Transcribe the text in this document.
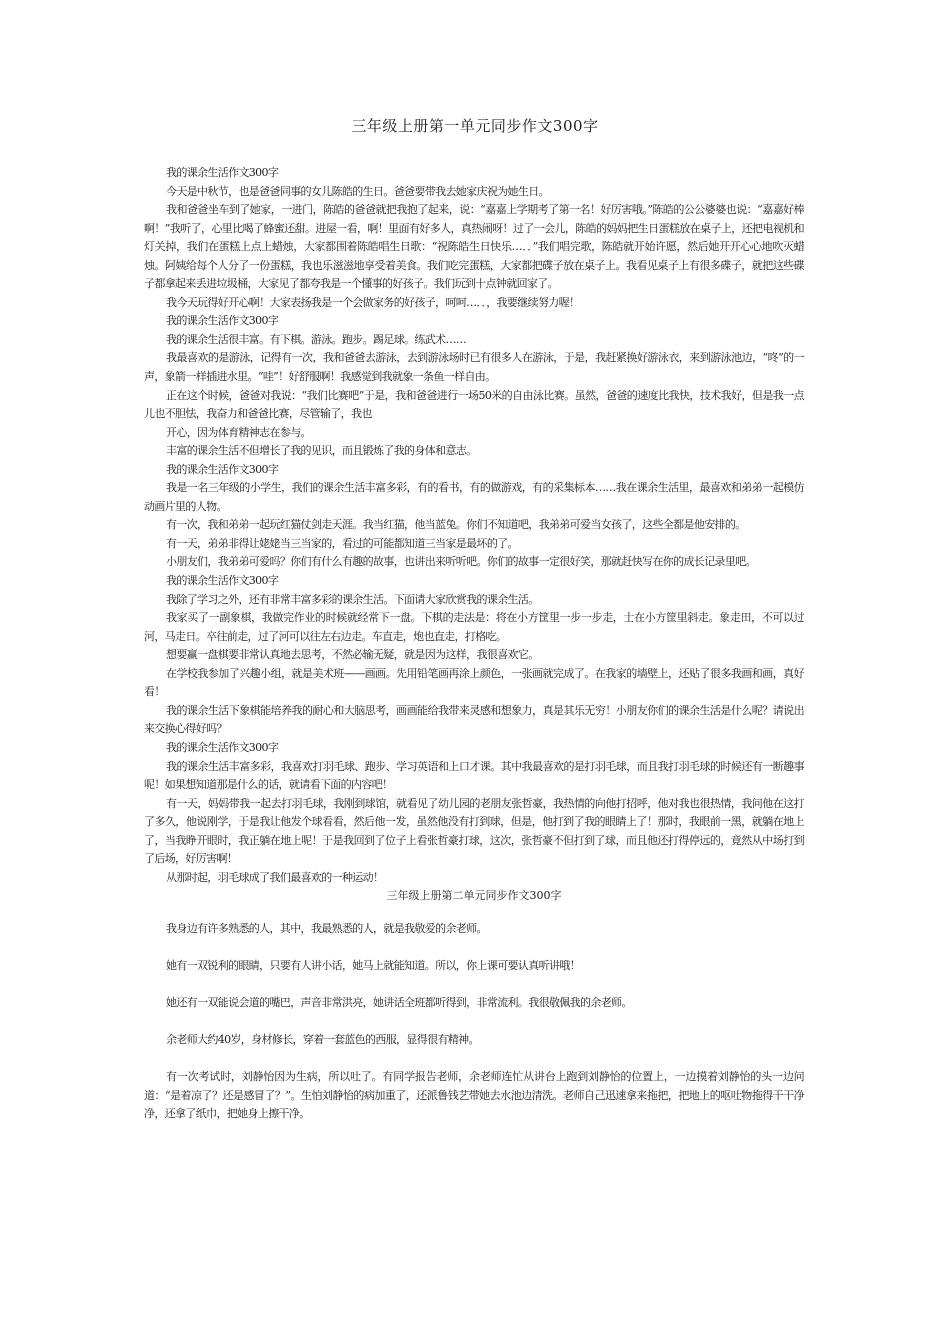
三年级上册第一单元同步作文300字

我的课余生活作文300字

今天是中秋节，也是爸爸同事的女儿陈皓的生日。爸爸要带我去她家庆祝为她生日。

我和爸爸坐车到了她家，一进门，陈皓的爸爸就把我抱了起来，说：“嘉嘉上学期考了第一名！好厉害哦。”陈皓的公公婆婆也说：“嘉嘉好棒啊！”我听了，心里比喝了蜂蜜还甜。进屋一看，啊！里面有好多人，真热闹呀！过了一会儿，陈皓的妈妈把生日蛋糕放在桌子上，还把电视机和灯关掉，我们在蛋糕上点上蜡烛，大家都围着陈皓唱生日歌：“祝陈皓生日快乐…．．”我们唱完歌，陈皓就开始许愿，然后她开开心心地吹灭蜡烛。阿姨给每个人分了一份蛋糕，我也乐滋滋地享受着美食。我们吃完蛋糕，大家都把碟子放在桌子上。我看见桌子上有很多碟子，就把这些碟子都拿起来丢进垃圾桶，大家见了都夸我是一个懂事的好孩子。我们玩到十点钟就回家了。

我今天玩得好开心啊！大家表扬我是一个会做家务的好孩子，呵呵…．．，我要继续努力喔！

我的课余生活作文300字

我的课余生活很丰富。有下棋。游泳。跑步。踢足球。练武术……

我最喜欢的是游泳，记得有一次，我和爸爸去游泳，去到游泳场时已有很多人在游泳，于是，我赶紧换好游泳衣，来到游泳池边，“咚”的一声，象箭一样插进水里。“哇”！好舒服啊！我感觉到我就象一条鱼一样自由。

正在这个时候，爸爸对我说：“我们比赛吧”于是，我和爸爸进行一场50米的自由泳比赛。虽然，爸爸的速度比我快，技术我好，但是我一点儿也不胆怯，我奋力和爸爸比赛，尽管输了，我也

开心，因为体育精神志在参与。

丰富的课余生活不但增长了我的见识，而且锻炼了我的身体和意志。

我的课余生活作文300字

我是一名三年级的小学生，我们的课余生活丰富多彩，有的看书，有的做游戏，有的采集标本……我在课余生活里，最喜欢和弟弟一起模仿动画片里的人物。

有一次，我和弟弟一起玩红猫仗剑走天涯。我当红猫，他当蓝兔。你们不知道吧，我弟弟可爱当女孩了，这些全都是他安排的。

有一天，弟弟非得让姥姥当三当家的，看过的可能都知道三当家是最坏的了。

小朋友们，我弟弟可爱吗？你们有什么有趣的故事，也讲出来听听吧。你们的故事一定很好笑，那就赶快写在你的成长记录里吧。

我的课余生活作文300字

我除了学习之外，还有非常丰富多彩的课余生活。下面请大家欣赏我的课余生活。

我家买了一副象棋，我做完作业的时候就经常下一盘。下棋的走法是：将在小方筐里一步一步走，士在小方筐里斜走。象走田，不可以过河，马走日。卒往前走，过了河可以往左右边走。车直走，炮也直走，打格吃。

想要赢一盘棋要非常认真地去思考，不然必输无疑，就是因为这样，我很喜欢它。

在学校我参加了兴趣小组，就是美术班——画画。先用铅笔画再涂上颜色，一张画就完成了。在我家的墙壁上，还贴了很多我画和画，真好看！

我的课余生活下象棋能培养我的耐心和大脑思考，画画能给我带来灵感和想象力，真是其乐无穷！小朋友你们的课余生活是什么呢？请说出来交换心得好吗？

我的课余生活作文300字

我的课余生活丰富多彩，我喜欢打羽毛球、跑步、学习英语和上口才课。其中我最喜欢的是打羽毛球，而且我打羽毛球的时候还有一断趣事呢！如果想知道那是什么的话，就请看下面的内容吧！

有一天，妈妈带我一起去打羽毛球，我刚到球馆，就看见了幼儿园的老朋友张哲豪，我热情的向他打招呼，他对我也很热情，我问他在这打了多久，他说刚学，于是我让他发个球看看，然后他一发，虽然他没有打到球，但是，他打到了我的眼睛上了！那时，我眼前一黑，就躺在地上了，当我睁开眼时，我正躺在地上呢！于是我回到了位子上看张哲豪打球，这次，张哲豪不但打到了球，而且他还打得停远的，竟然从中场打到了后场，好厉害啊！

从那时起，羽毛球成了我们最喜欢的一种运动！

三年级上册第二单元同步作文300字

我身边有许多熟悉的人，其中，我最熟悉的人，就是我敬爱的余老师。

她有一双锐利的眼睛，只要有人讲小话，她马上就能知道。所以，你上课可要认真听讲哦！

她还有一双能说会道的嘴巴，声音非常洪亮，她讲话全班都听得到，非常流利。我很敬佩我的余老师。

余老师大约40岁，身材修长，穿着一套蓝色的西服，显得很有精神。

有一次考试时，刘静怡因为生病，所以吐了。有同学报告老师，余老师连忙从讲台上跑到刘静怡的位置上，一边摸着刘静怡的头一边问道：“是着凉了？还是感冒了？”。生怕刘静怡的病加重了，还派鲁钱艺带她去水池边清洗。老师自己迅速拿来拖把，把地上的呕吐物拖得干干净净，还拿了纸巾，把她身上擦干净。
